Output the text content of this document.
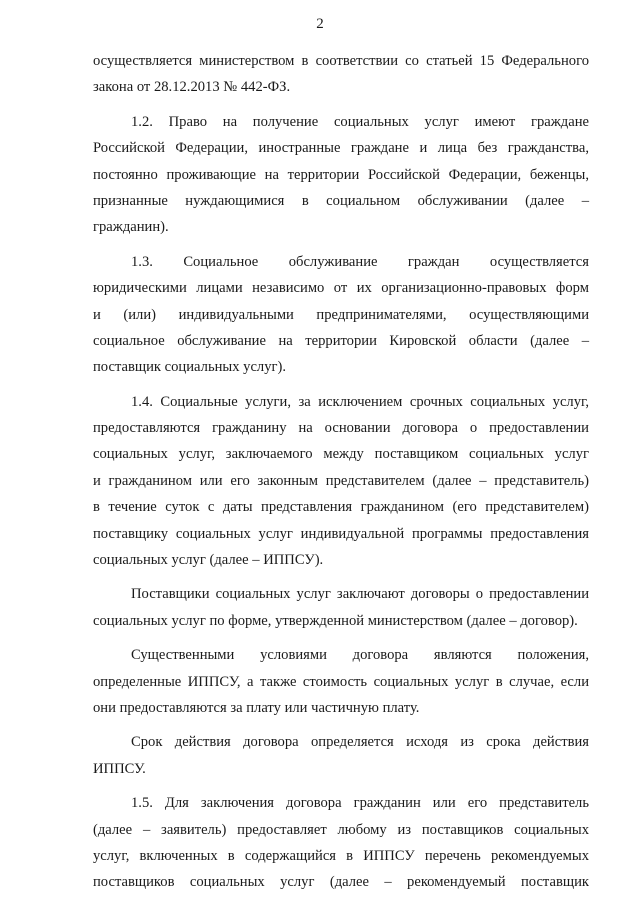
2
осуществляется министерством в соответствии со статьей 15 Федерального
закона от 28.12.2013 № 442-ФЗ.
1.2. Право на получение социальных услуг имеют граждане
Российской Федерации, иностранные граждане и лица без гражданства,
постоянно проживающие на территории Российской Федерации, беженцы,
признанные нуждающимися в социальном обслуживании (далее –
гражданин).
1.3. Социальное обслуживание граждан осуществляется
юридическими лицами независимо от их организационно-правовых форм
и (или) индивидуальными предпринимателями, осуществляющими
социальное обслуживание на территории Кировской области (далее –
поставщик социальных услуг).
1.4. Социальные услуги, за исключением срочных социальных услуг,
предоставляются гражданину на основании договора о предоставлении
социальных услуг, заключаемого между поставщиком социальных услуг
и гражданином или его законным представителем (далее – представитель)
в течение суток с даты представления гражданином (его представителем)
поставщику социальных услуг индивидуальной программы предоставления
социальных услуг (далее – ИППСУ).
Поставщики социальных услуг заключают договоры о предоставлении
социальных услуг по форме, утвержденной министерством (далее – договор).
Существенными условиями договора являются положения,
определенные ИППСУ, а также стоимость социальных услуг в случае, если
они предоставляются за плату или частичную плату.
Срок действия договора определяется исходя из срока действия
ИППСУ.
1.5. Для заключения договора гражданин или его представитель
(далее – заявитель) предоставляет любому из поставщиков социальных
услуг, включенных в содержащийся в ИППСУ перечень рекомендуемых
поставщиков социальных услуг (далее – рекомендуемый поставщик
